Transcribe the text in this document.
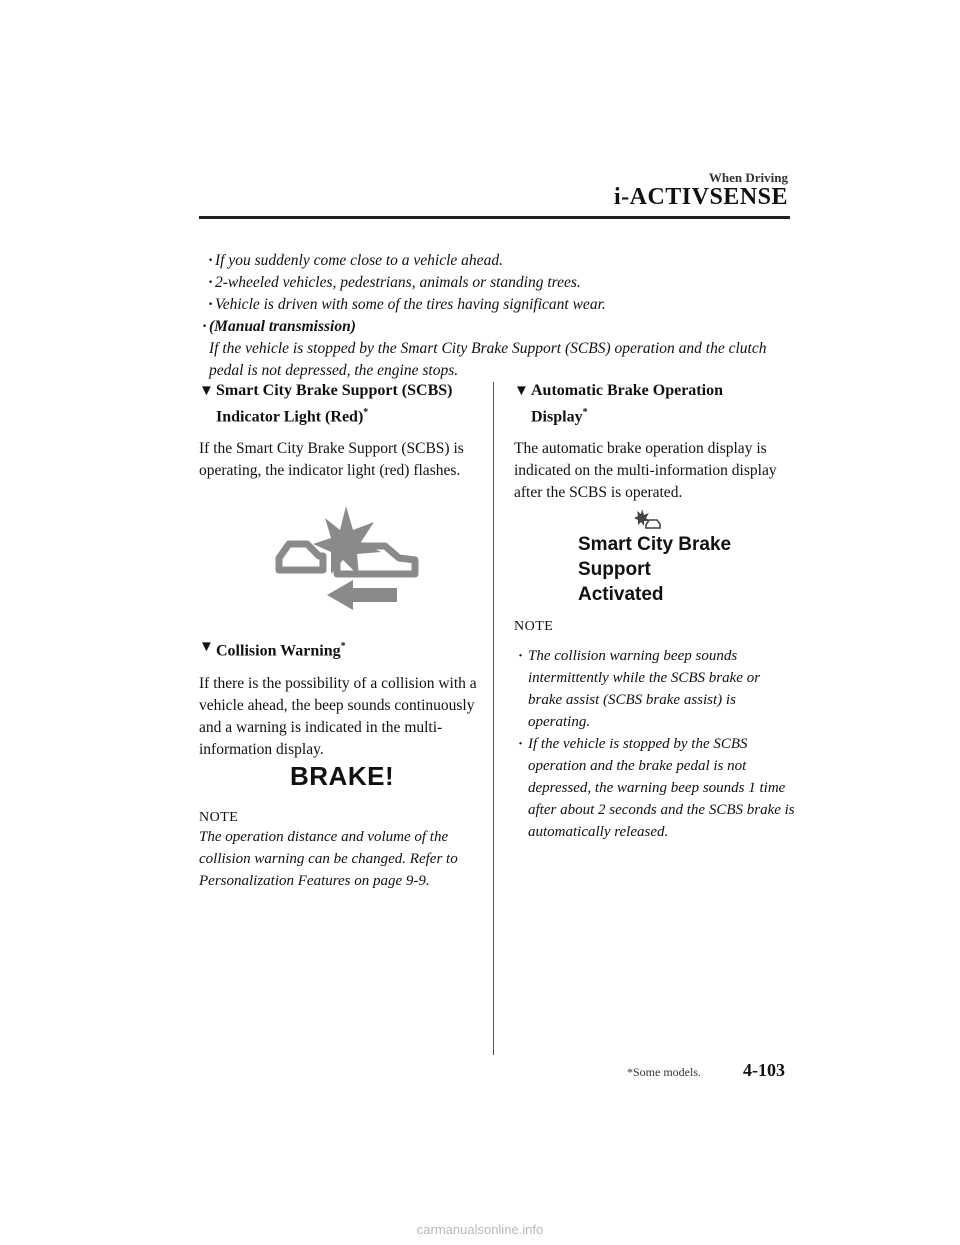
When Driving
i-ACTIVSENSE
· If you suddenly come close to a vehicle ahead.
· 2-wheeled vehicles, pedestrians, animals or standing trees.
· Vehicle is driven with some of the tires having significant wear.
· (Manual transmission)
If the vehicle is stopped by the Smart City Brake Support (SCBS) operation and the clutch pedal is not depressed, the engine stops.
▼ Smart City Brake Support (SCBS)
Indicator Light (Red)*
If the Smart City Brake Support (SCBS) is operating, the indicator light (red) flashes.
▼ Collision Warning*
If there is the possibility of a collision with a vehicle ahead, the beep sounds continuously and a warning is indicated in the multi-information display.
BRAKE!
NOTE
The operation distance and volume of the collision warning can be changed. Refer to Personalization Features on page 9-9.
▼ Automatic Brake Operation
Display*
The automatic brake operation display is indicated on the multi-information display after the SCBS is operated.
Smart City Brake
Support
Activated
NOTE
· The collision warning beep sounds intermittently while the SCBS brake or brake assist (SCBS brake assist) is operating.
· If the vehicle is stopped by the SCBS operation and the brake pedal is not depressed, the warning beep sounds 1 time after about 2 seconds and the SCBS brake is automatically released.
*Some models. 4-103
carmanualsonline.info
